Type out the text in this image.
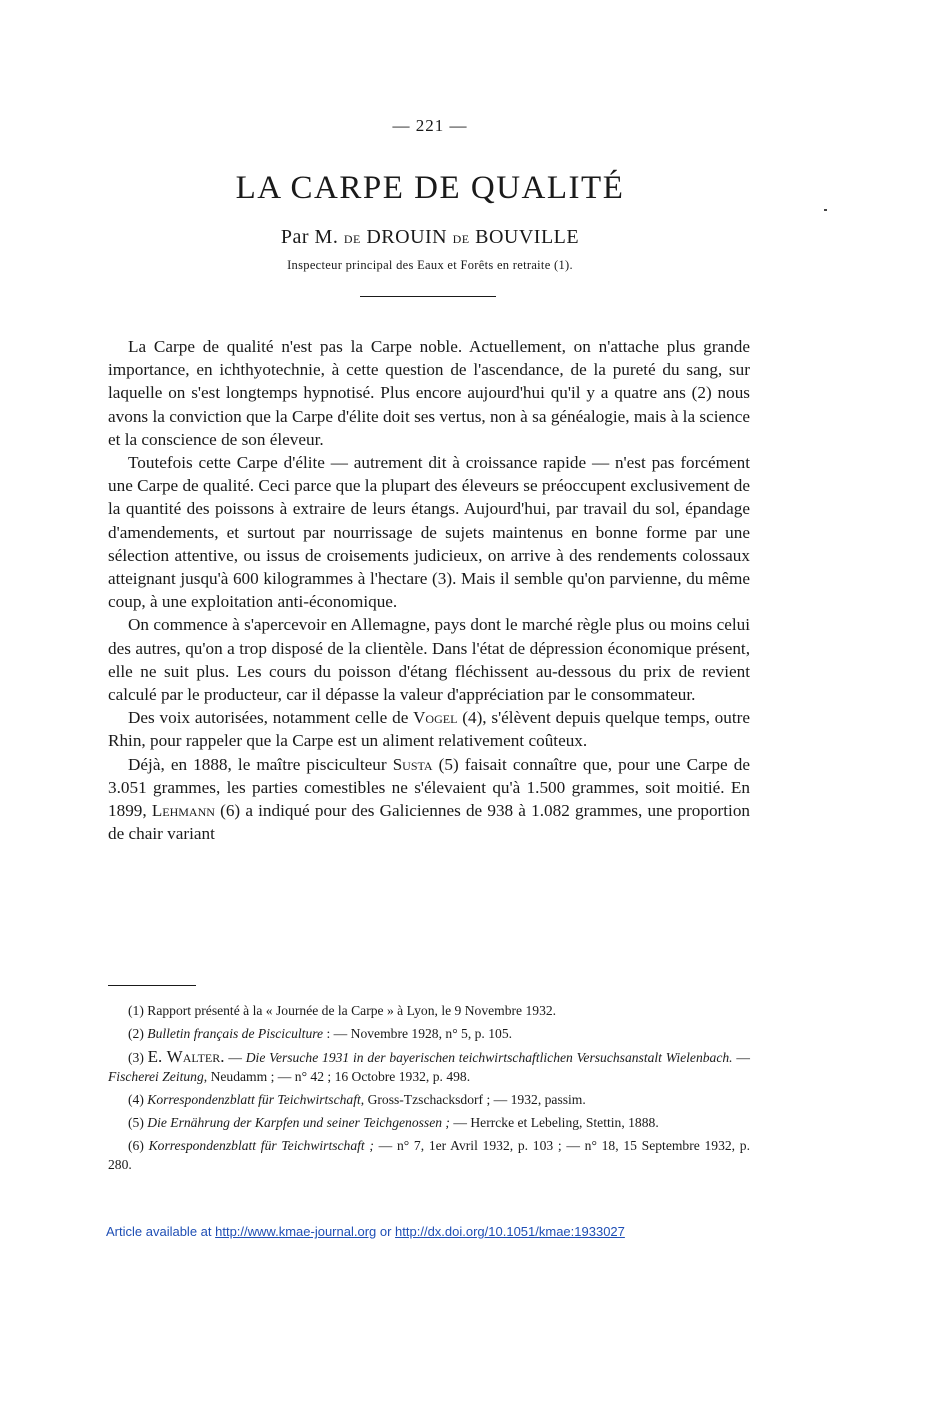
— 221 —
LA CARPE DE QUALITÉ
Par M. de DROUIN de BOUVILLE
Inspecteur principal des Eaux et Forêts en retraite (1).

La Carpe de qualité n'est pas la Carpe noble. Actuellement, on n'attache plus grande importance, en ichthyotechnie, à cette question de l'ascendance, de la pureté du sang, sur laquelle on s'est longtemps hypnotisé. Plus encore aujourd'hui qu'il y a quatre ans (2) nous avons la conviction que la Carpe d'élite doit ses vertus, non à sa généalogie, mais à la science et la conscience de son éleveur.

Toutefois cette Carpe d'élite — autrement dit à croissance rapide — n'est pas forcément une Carpe de qualité. Ceci parce que la plupart des éleveurs se préoccupent exclusivement de la quantité des poissons à extraire de leurs étangs. Aujourd'hui, par travail du sol, épandage d'amendements, et surtout par nourrissage de sujets maintenus en bonne forme par une sélection attentive, ou issus de croisements judicieux, on arrive à des rendements colossaux atteignant jusqu'à 600 kilogrammes à l'hectare (3). Mais il semble qu'on parvienne, du même coup, à une exploitation anti-économique.

On commence à s'apercevoir en Allemagne, pays dont le marché règle plus ou moins celui des autres, qu'on a trop disposé de la clientèle. Dans l'état de dépression économique présent, elle ne suit plus. Les cours du poisson d'étang fléchissent au-dessous du prix de revient calculé par le producteur, car il dépasse la valeur d'appréciation par le consommateur.

Des voix autorisées, notamment celle de Vogel (4), s'élèvent depuis quelque temps, outre Rhin, pour rappeler que la Carpe est un aliment relativement coûteux.

Déjà, en 1888, le maître pisciculteur Susta (5) faisait connaître que, pour une Carpe de 3.051 grammes, les parties comestibles ne s'élevaient qu'à 1.500 grammes, soit moitié. En 1899, Lehmann (6) a indiqué pour des Galiciennes de 938 à 1.082 grammes, une proportion de chair variant

(1) Rapport présenté à la « Journée de la Carpe » à Lyon, le 9 Novembre 1932.
(2) Bulletin français de Pisciculture : — Novembre 1928, n° 5, p. 105.
(3) E. Walter. — Die Versuche 1931 in der bayerischen teichwirtschaftlichen Versuchsanstalt Wielenbach. — Fischerei Zeitung, Neudamm ; — n° 42 ; 16 Octobre 1932, p. 498.
(4) Korrespondenzblatt für Teichwirtschaft, Gross-Tzschacksdorf ; — 1932, passim.
(5) Die Ernährung der Karpfen und seiner Teichgenossen ; — Herrcke et Lebeling, Stettin, 1888.
(6) Korrespondenzblatt für Teichwirtschaft ; — n° 7, 1er Avril 1932, p. 103 ; — n° 18, 15 Septembre 1932, p. 280.
Article available at http://www.kmae-journal.org or http://dx.doi.org/10.1051/kmae:1933027
